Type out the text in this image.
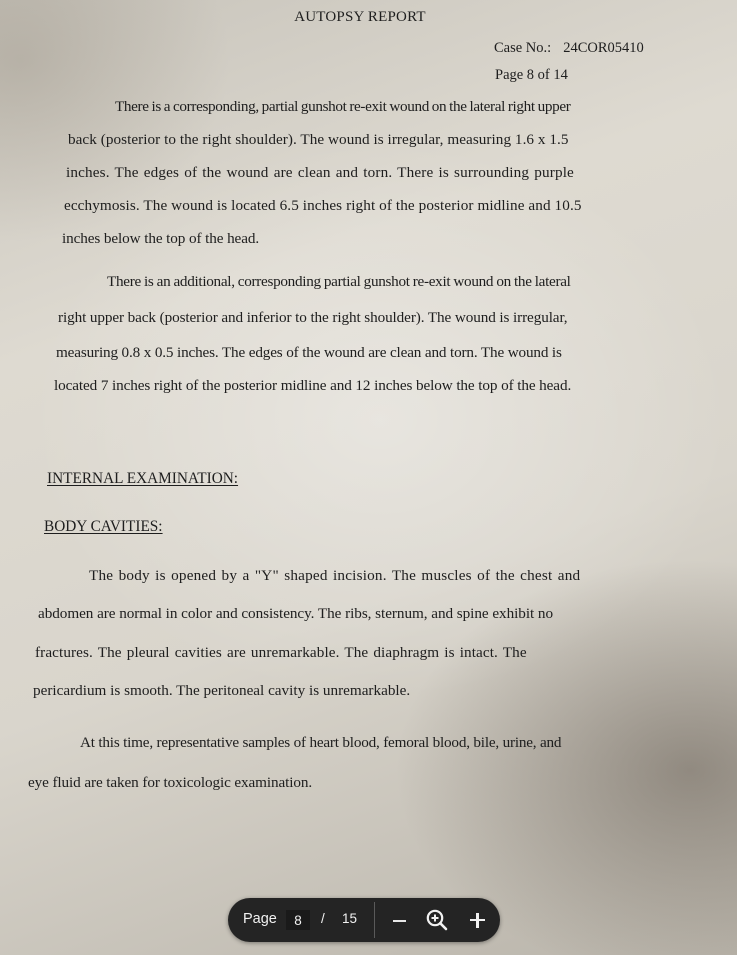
AUTOPSY REPORT
Case No.: 24COR05410
Page 8 of 14
There is a corresponding, partial gunshot re-exit wound on the lateral right upper
back (posterior to the right shoulder). The wound is irregular, measuring 1.6 x 1.5
inches. The edges of the wound are clean and torn. There is surrounding purple
ecchymosis. The wound is located 6.5 inches right of the posterior midline and 10.5
inches below the top of the head.
There is an additional, corresponding partial gunshot re-exit wound on the lateral
right upper back (posterior and inferior to the right shoulder). The wound is irregular,
measuring 0.8 x 0.5 inches. The edges of the wound are clean and torn. The wound is
located 7 inches right of the posterior midline and 12 inches below the top of the head.
INTERNAL EXAMINATION:
BODY CAVITIES:
The body is opened by a "Y" shaped incision. The muscles of the chest and
abdomen are normal in color and consistency. The ribs, sternum, and spine exhibit no
fractures. The pleural cavities are unremarkable. The diaphragm is intact. The
pericardium is smooth. The peritoneal cavity is unremarkable.
At this time, representative samples of heart blood, femoral blood, bile, urine, and
eye fluid are taken for toxicologic examination.
Page
8	/ 15
